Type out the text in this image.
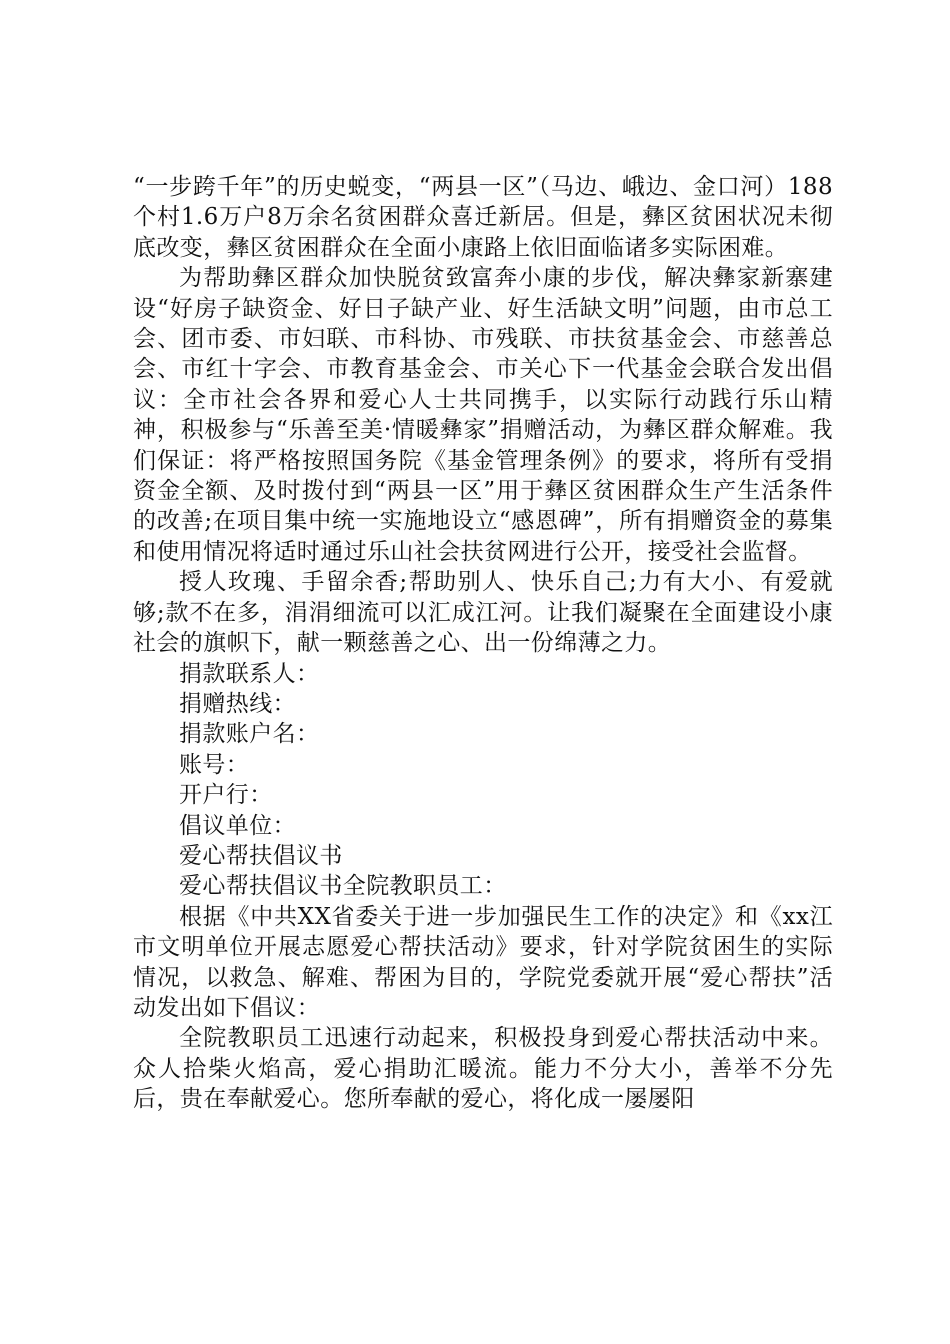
“一步跨千年”的历史蜕变，“两县一区”（马边、峨边、金口河）188个村1.6万户8万余名贫困群众喜迁新居。但是，彝区贫困状况未彻底改变，彝区贫困群众在全面小康路上依旧面临诸多实际困难。

为帮助彝区群众加快脱贫致富奔小康的步伐，解决彝家新寨建设“好房子缺资金、好日子缺产业、好生活缺文明”问题，由市总工会、团市委、市妇联、市科协、市残联、市扶贫基金会、市慈善总会、市红十字会、市教育基金会、市关心下一代基金会联合发出倡议：全市社会各界和爱心人士共同携手，以实际行动践行乐山精神，积极参与“乐善至美·情暖彝家”捐赠活动，为彝区群众解难。我们保证：将严格按照国务院《基金管理条例》的要求，将所有受捐资金全额、及时拨付到“两县一区”用于彝区贫困群众生产生活条件的改善;在项目集中统一实施地设立“感恩碑”，所有捐赠资金的募集和使用情况将适时通过乐山社会扶贫网进行公开，接受社会监督。

授人玫瑰、手留余香;帮助别人、快乐自己;力有大小、有爱就够;款不在多，涓涓细流可以汇成江河。让我们凝聚在全面建设小康社会的旗帜下，献一颗慈善之心、出一份绵薄之力。

捐款联系人：

捐赠热线：

捐款账户名：

账号：

开户行：

倡议单位：

爱心帮扶倡议书

爱心帮扶倡议书全院教职员工：

根据《中共XX省委关于进一步加强民生工作的决定》和《xx江市文明单位开展志愿爱心帮扶活动》要求，针对学院贫困生的实际情况，以救急、解难、帮困为目的，学院党委就开展“爱心帮扶”活动发出如下倡议：

全院教职员工迅速行动起来，积极投身到爱心帮扶活动中来。众人拾柴火焰高，爱心捐助汇暖流。能力不分大小，善举不分先后，贵在奉献爱心。您所奉献的爱心，将化成一屡屡阳
